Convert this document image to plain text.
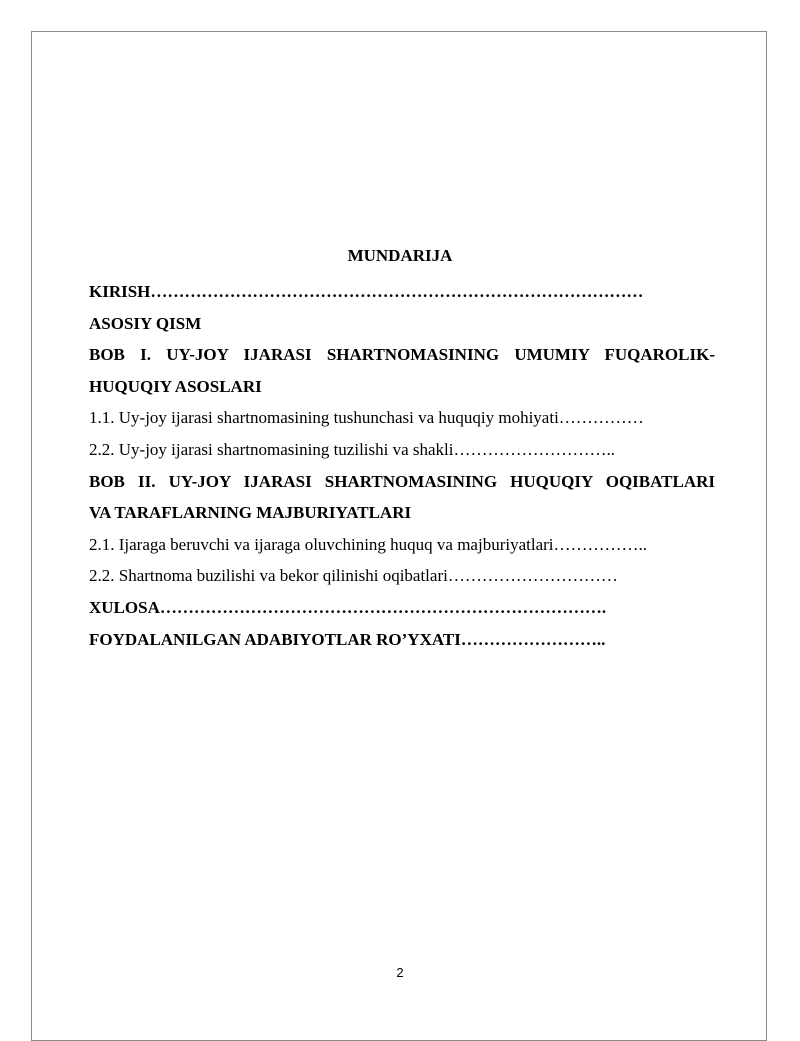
MUNDARIJA
KIRISH……………………………………………………………………………
ASOSIY QISM
BOB I. UY-JOY IJARASI SHARTNOMASINING UMUMIY FUQAROLIK-
HUQUQIY ASOSLARI
1.1. Uy-joy ijarasi shartnomasining tushunchasi va huquqiy mohiyati……………
2.2. Uy-joy ijarasi shartnomasining tuzilishi va shakli………………………..
BOB II. UY-JOY IJARASI SHARTNOMASINING HUQUQIY OQIBATLARI
VA TARAFLARNING MAJBURIYATLARI
2.1. Ijaraga beruvchi va ijaraga oluvchining huquq va majburiyatlari……………..
2.2. Shartnoma buzilishi va bekor qilinishi oqibatlari…………………………
XULOSA…………………………………………………………………….
FOYDALANILGAN ADABIYOTLAR RO’YXATI……………………..
2
